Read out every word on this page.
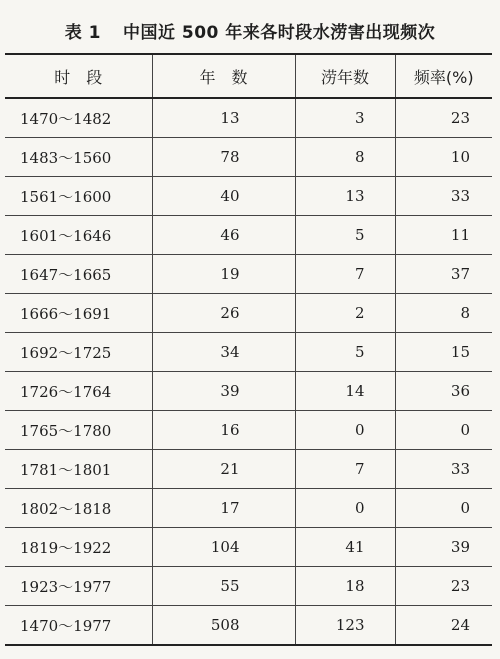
表 1 中国近 500 年来各时段水涝害出现频次
时　段	年　数	涝年数	频率(%)
1470～1482	13	3	23
1483～1560	78	8	10
1561～1600	40	13	33
1601～1646	46	5	11
1647～1665	19	7	37
1666～1691	26	2	8
1692～1725	34	5	15
1726～1764	39	14	36
1765～1780	16	0	0
1781～1801	21	7	33
1802～1818	17	0	0
1819～1922	104	41	39
1923～1977	55	18	23
1470～1977	508	123	24
